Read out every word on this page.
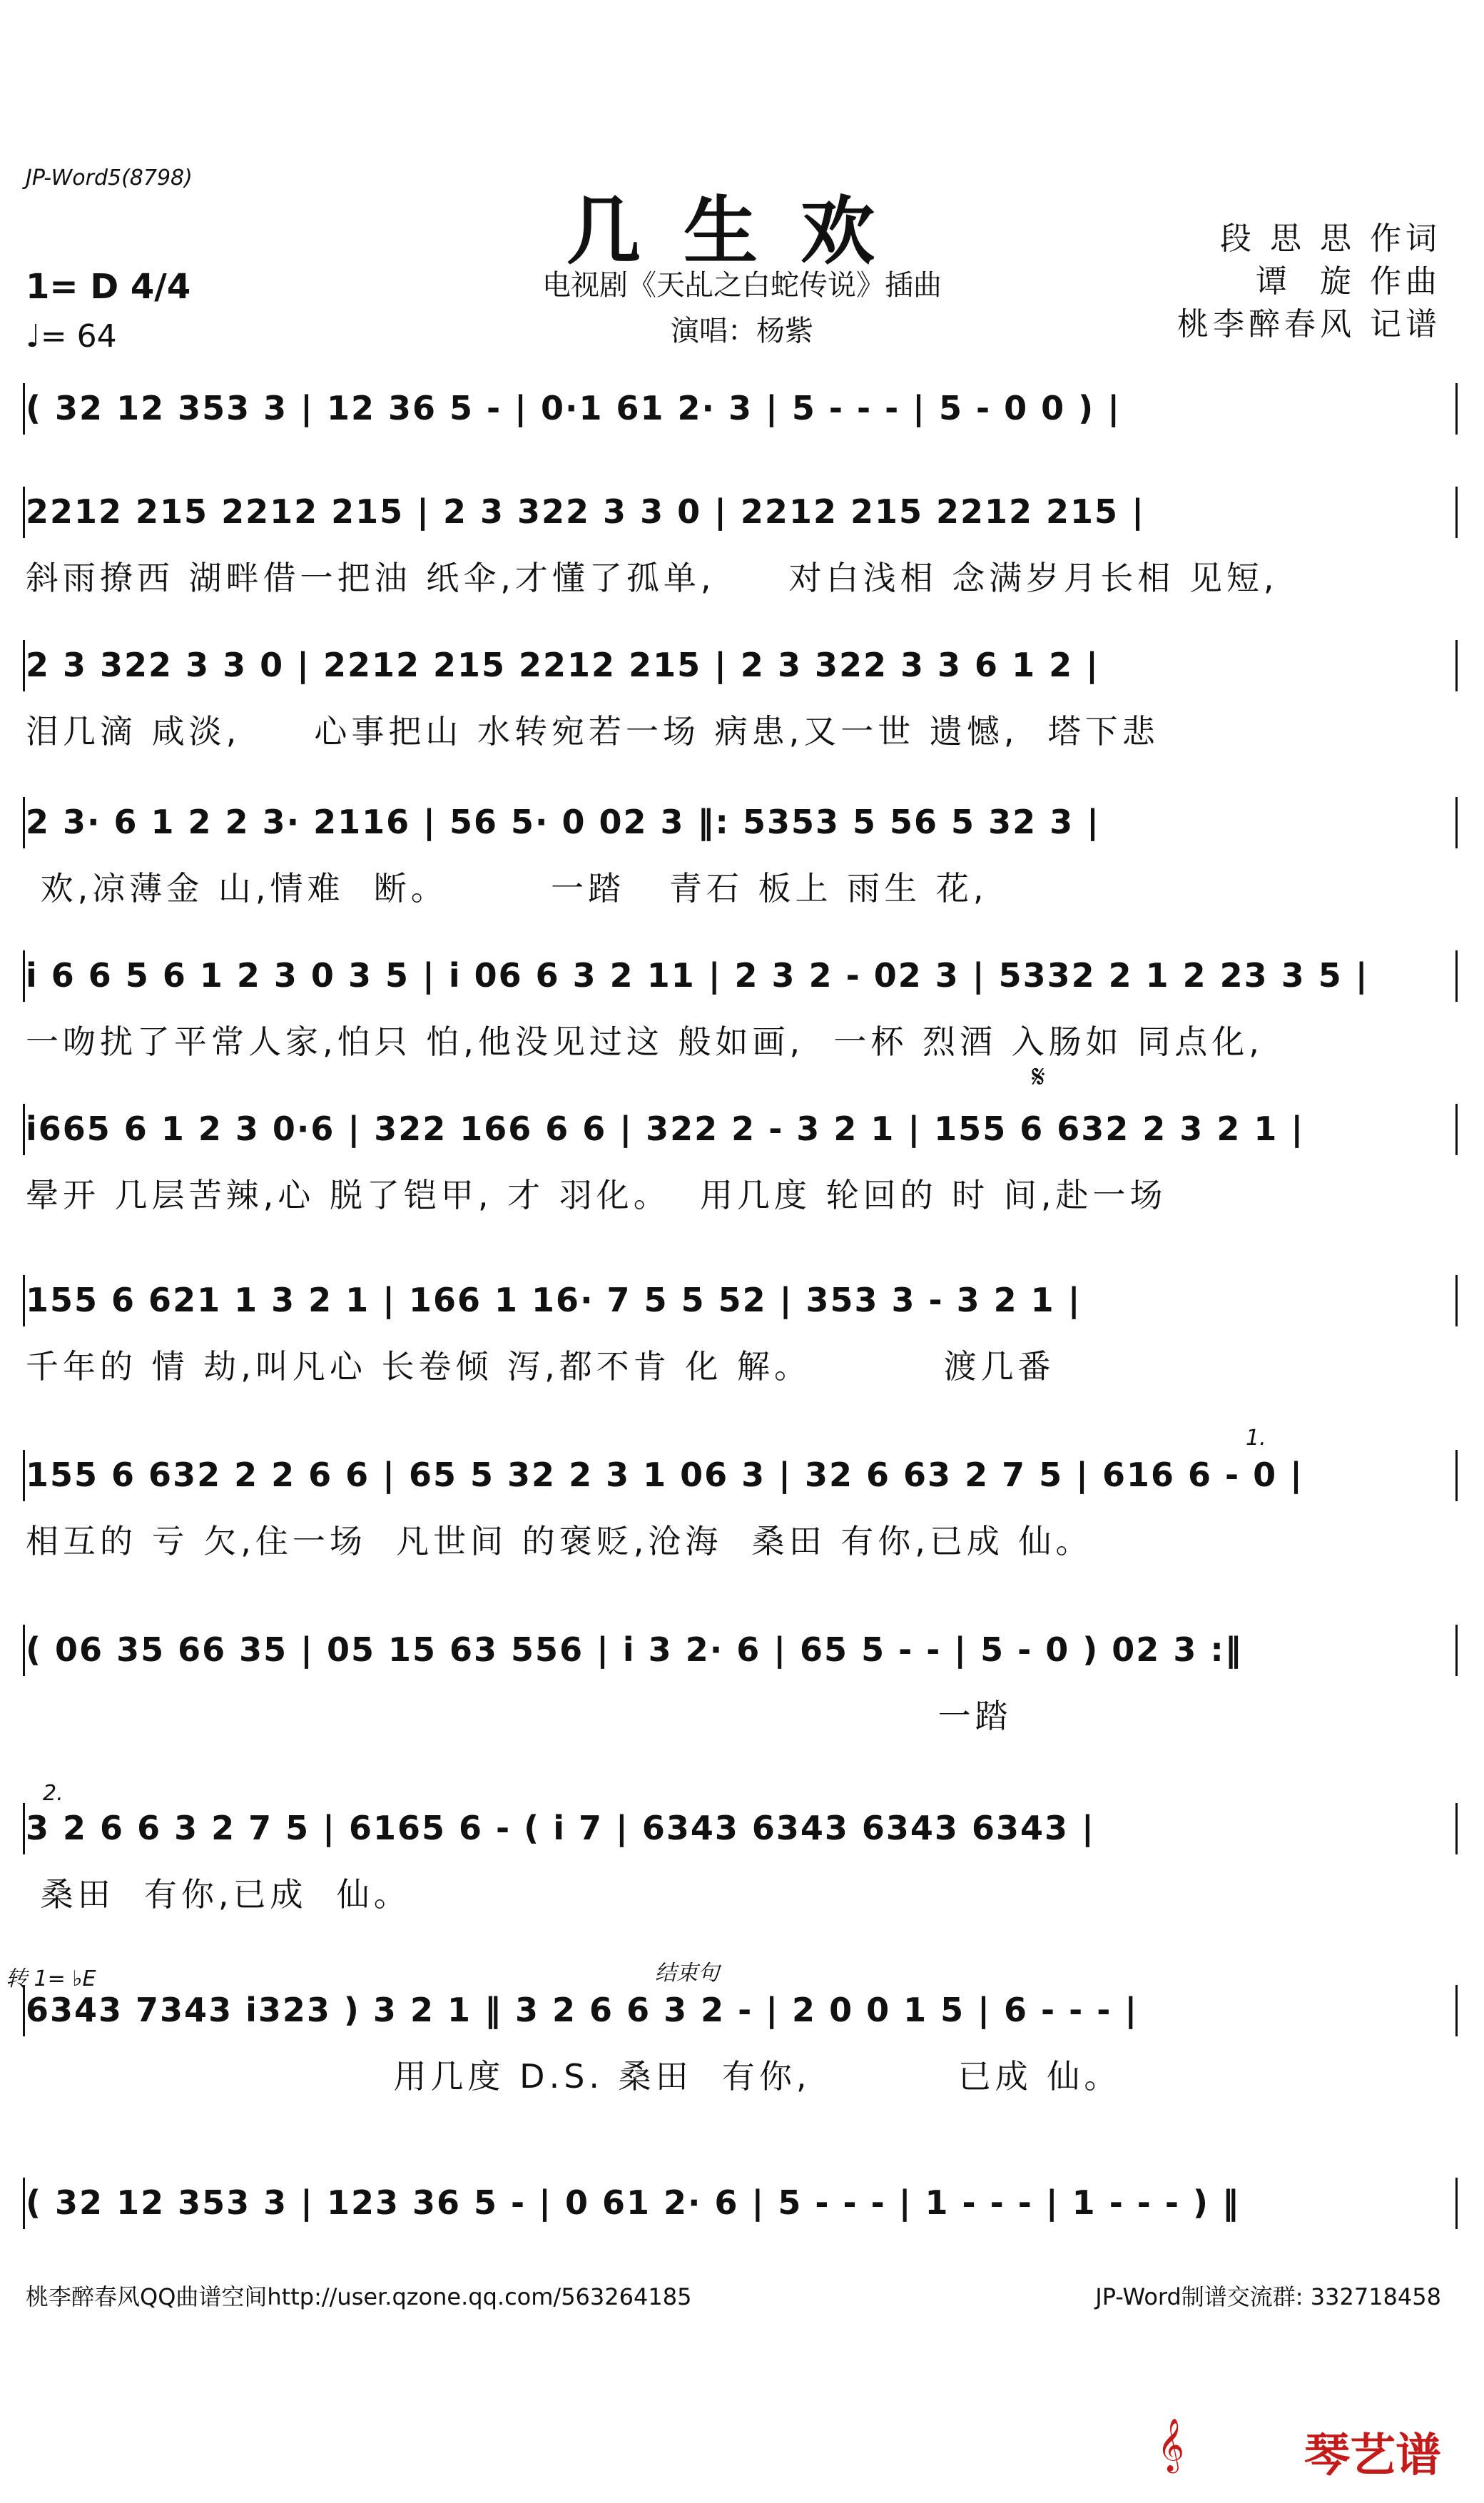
JP-Word5(8798)
几生欢
电视剧《天乩之白蛇传说》插曲
演唱：杨紫
段 思 思 作词
谭  旋 作曲
桃李醉春风 记谱
1= D 4/4
♩= 64
( 32 12 353 3 | 12 36 5 - | 0·1 61 2· 3 | 5 - - - | 5 - 0 0 ) |
2212 215 2212 215 | 2 3 322 3 3 0 | 2212 215 2212 215 |
斜雨撩西 湖畔借一把油 纸伞,才懂了孤单,     对白浅相 念满岁月长相 见短,
2 3 322 3 3 0 | 2212 215 2212 215 | 2 3 322 3 3 6 1 2 |
泪几滴 咸淡,     心事把山 水转宛若一场 病患,又一世 遗憾,  塔下悲
2 3· 6 1 2 2 3· 2116 | 56 5· 0 02 3 ‖: 5353 5 56 5 32 3 |
欢,凉薄金 山,情难  断。       一踏   青石 板上 雨生 花,
i 6 6 5 6 1 2 3 0 3 5 | i 06 6 3 2 11 | 2 3 2 - 02 3 | 5332 2 1 2 23 3 5 |
一吻扰了平常人家,怕只 怕,他没见过这 般如画,  一杯 烈酒 入肠如 同点化,
i665 6 1 2 3 0·6 | 322 166 6 6 | 322 2 - 3 2 1 | 155 6 632 2 3 2 1 |
晕开 几层苦辣,心 脱了铠甲, 才 羽化。  用几度 轮回的 时 间,赴一场
155 6 621 1 3 2 1 | 166 1 16· 7 5 5 52 | 353 3 - 3 2 1 |
千年的 情 劫,叫凡心 长卷倾 泻,都不肯 化 解。         渡几番
155 6 632 2 2 6 6 | 65 5 32 2 3 1 06 3 | 32 6 63 2 7 5 | 616 6 - 0 |
相互的 亏 欠,住一场  凡世间 的褒贬,沧海  桑田 有你,已成 仙。
( 06 35 66 35 | 05 15 63 556 | i 3 2· 6 | 65 5 - - | 5 - 0 ) 02 3 :‖
一踏
3 2 6 6 3 2 7 5 | 6165 6 - ( i 7 | 6343 6343 6343 6343 |
桑田  有你,已成  仙。
6343 7343 i323 ) 3 2 1 ‖ 3 2 6 6 3 2 - | 2 0 0 1 5 | 6 - - - |
用几度 D.S. 桑田  有你,          已成 仙。
( 32 12 353 3 | 123 36 5 - | 0 61 2· 6 | 5 - - - | 1 - - - | 1 - - - ) ‖
转 1= ♭E	结束句
1.
2.
𝄋
桃李醉春风QQ曲谱空间http://user.qzone.qq.com/563264185	JP-Word制谱交流群: 332718458
𝄞	琴艺谱
